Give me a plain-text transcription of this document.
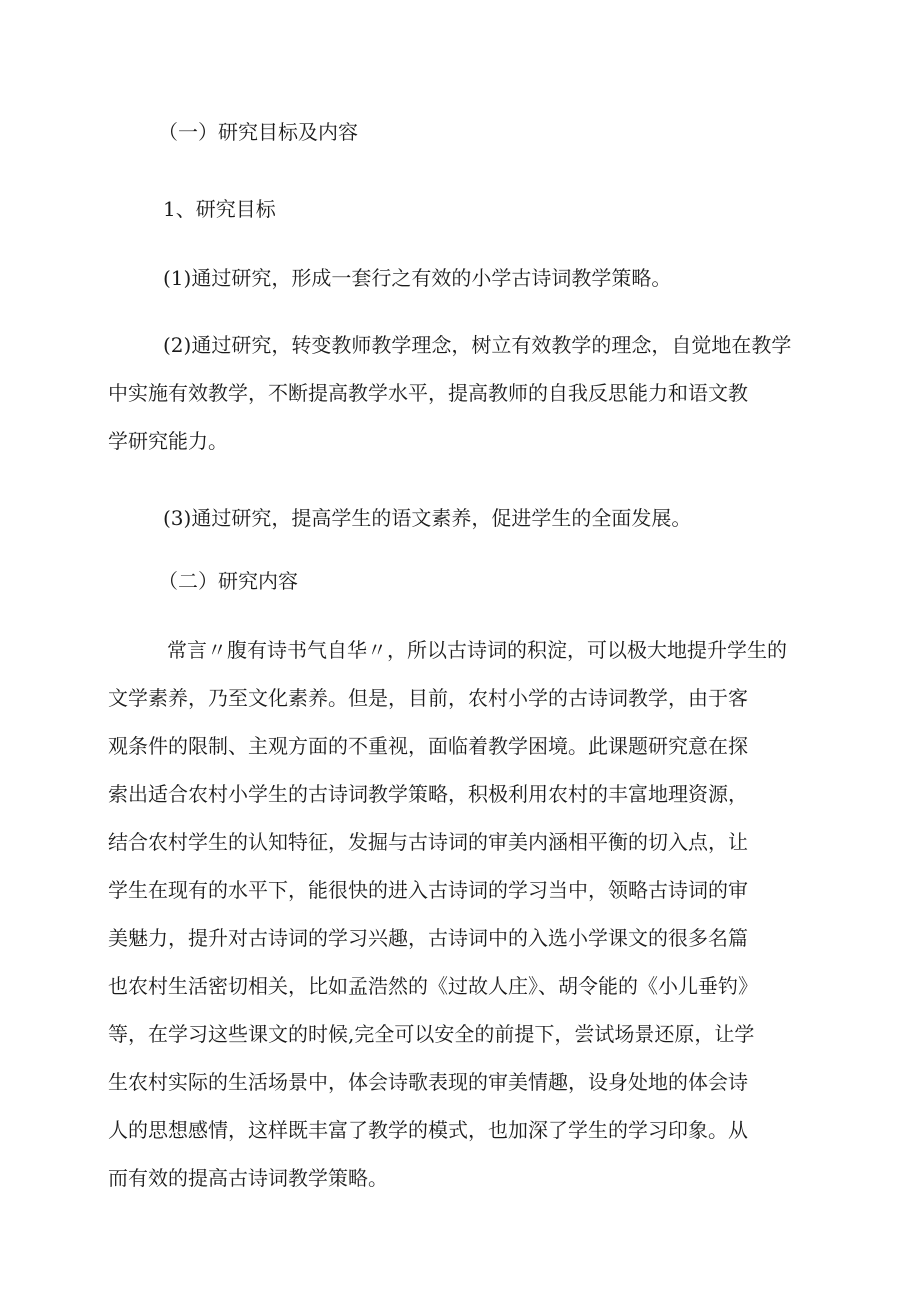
（一）研究目标及内容

1、研究目标

(1)通过研究，形成一套行之有效的小学古诗词教学策略。

(2)通过研究，转变教师教学理念，树立有效教学的理念，自觉地在教学

中实施有效教学，不断提高教学水平，提高教师的自我反思能力和语文教

学研究能力。

(3)通过研究，提高学生的语文素养，促进学生的全面发展。

（二）研究内容

常言〃腹有诗书气自华〃，所以古诗词的积淀，可以极大地提升学生的

文学素养，乃至文化素养。但是，目前，农村小学的古诗词教学，由于客

观条件的限制、主观方面的不重视，面临着教学困境。此课题研究意在探

索出适合农村小学生的古诗词教学策略，积极利用农村的丰富地理资源，

结合农村学生的认知特征，发掘与古诗词的审美内涵相平衡的切入点，让

学生在现有的水平下，能很快的进入古诗词的学习当中，领略古诗词的审

美魅力，提升对古诗词的学习兴趣，古诗词中的入选小学课文的很多名篇

也农村生活密切相关，比如孟浩然的《过故人庄》、胡令能的《小儿垂钓》

等，在学习这些课文的时候,完全可以安全的前提下，尝试场景还原，让学

生农村实际的生活场景中，体会诗歌表现的审美情趣，设身处地的体会诗

人的思想感情，这样既丰富了教学的模式，也加深了学生的学习印象。从

而有效的提高古诗词教学策略。
